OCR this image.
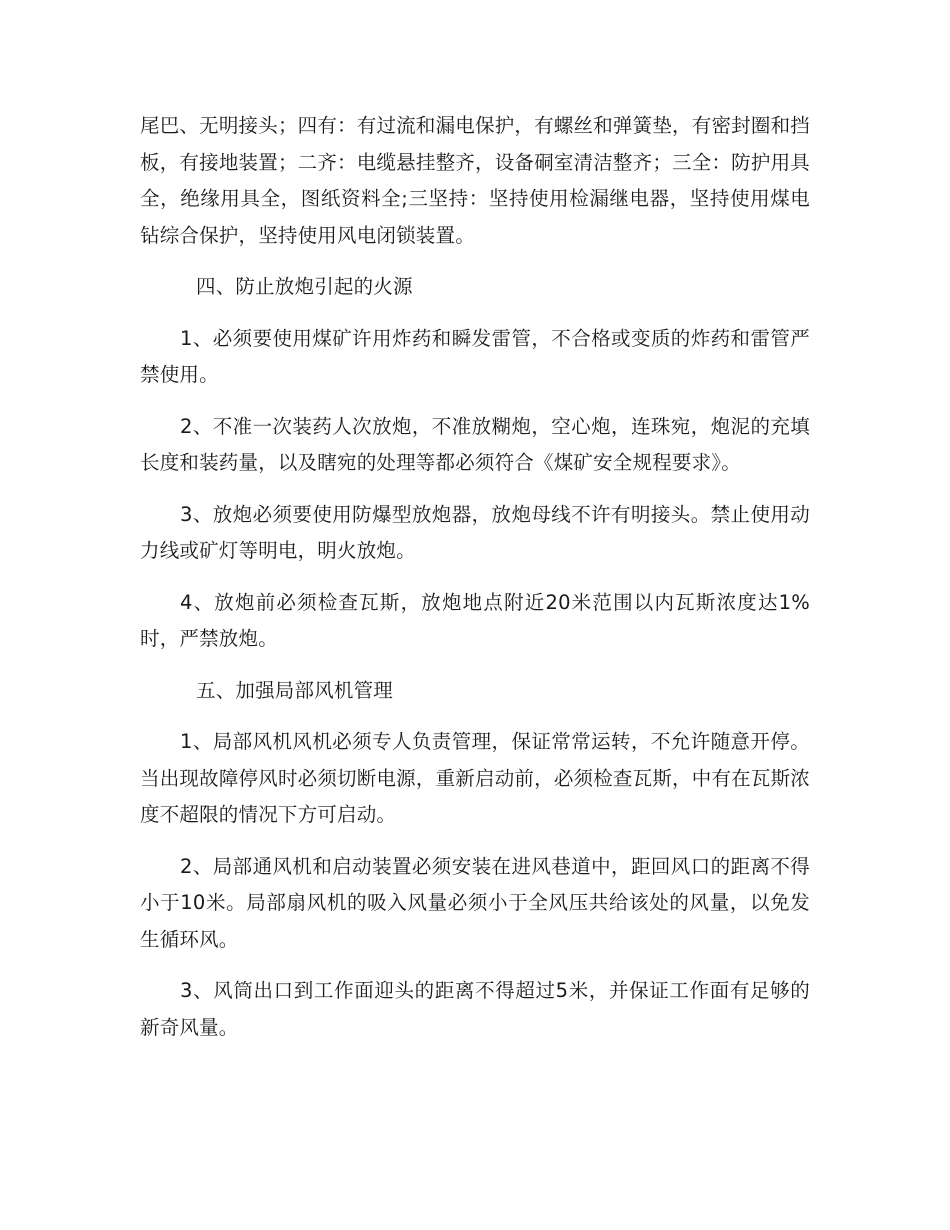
尾巴、无明接头；四有：有过流和漏电保护，有螺丝和弹簧垫，有密封圈和挡板，有接地装置；二齐：电缆悬挂整齐，设备硐室清洁整齐；三全：防护用具全，绝缘用具全，图纸资料全;三坚持：坚持使用检漏继电器，坚持使用煤电钻综合保护，坚持使用风电闭锁装置。

四、防止放炮引起的火源

1、必须要使用煤矿许用炸药和瞬发雷管，不合格或变质的炸药和雷管严禁使用。

2、不准一次装药人次放炮，不准放糊炮，空心炮，连珠宛，炮泥的充填长度和装药量，以及瞎宛的处理等都必须符合《煤矿安全规程要求》。

3、放炮必须要使用防爆型放炮器，放炮母线不许有明接头。禁止使用动力线或矿灯等明电，明火放炮。

4、放炮前必须检查瓦斯，放炮地点附近20米范围以内瓦斯浓度达1%时，严禁放炮。

五、加强局部风机管理

1、局部风机风机必须专人负责管理，保证常常运转，不允许随意开停。当出现故障停风时必须切断电源，重新启动前，必须检查瓦斯，中有在瓦斯浓度不超限的情况下方可启动。

2、局部通风机和启动装置必须安装在进风巷道中，距回风口的距离不得小于10米。局部扇风机的吸入风量必须小于全风压共给该处的风量，以免发生循环风。

3、风筒出口到工作面迎头的距离不得超过5米，并保证工作面有足够的新奇风量。
